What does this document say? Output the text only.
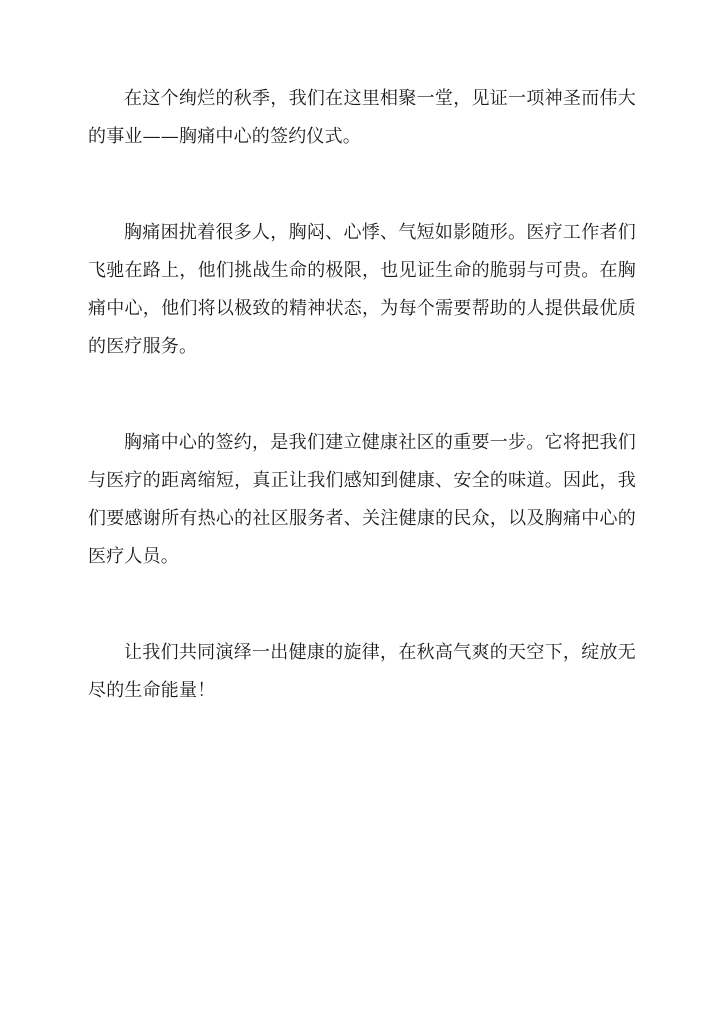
在这个绚烂的秋季，我们在这里相聚一堂，见证一项神圣而伟大的事业——胸痛中心的签约仪式。

胸痛困扰着很多人，胸闷、心悸、气短如影随形。医疗工作者们飞驰在路上，他们挑战生命的极限，也见证生命的脆弱与可贵。在胸痛中心，他们将以极致的精神状态，为每个需要帮助的人提供最优质的医疗服务。

胸痛中心的签约，是我们建立健康社区的重要一步。它将把我们与医疗的距离缩短，真正让我们感知到健康、安全的味道。因此，我们要感谢所有热心的社区服务者、关注健康的民众，以及胸痛中心的医疗人员。

让我们共同演绎一出健康的旋律，在秋高气爽的天空下，绽放无尽的生命能量！
